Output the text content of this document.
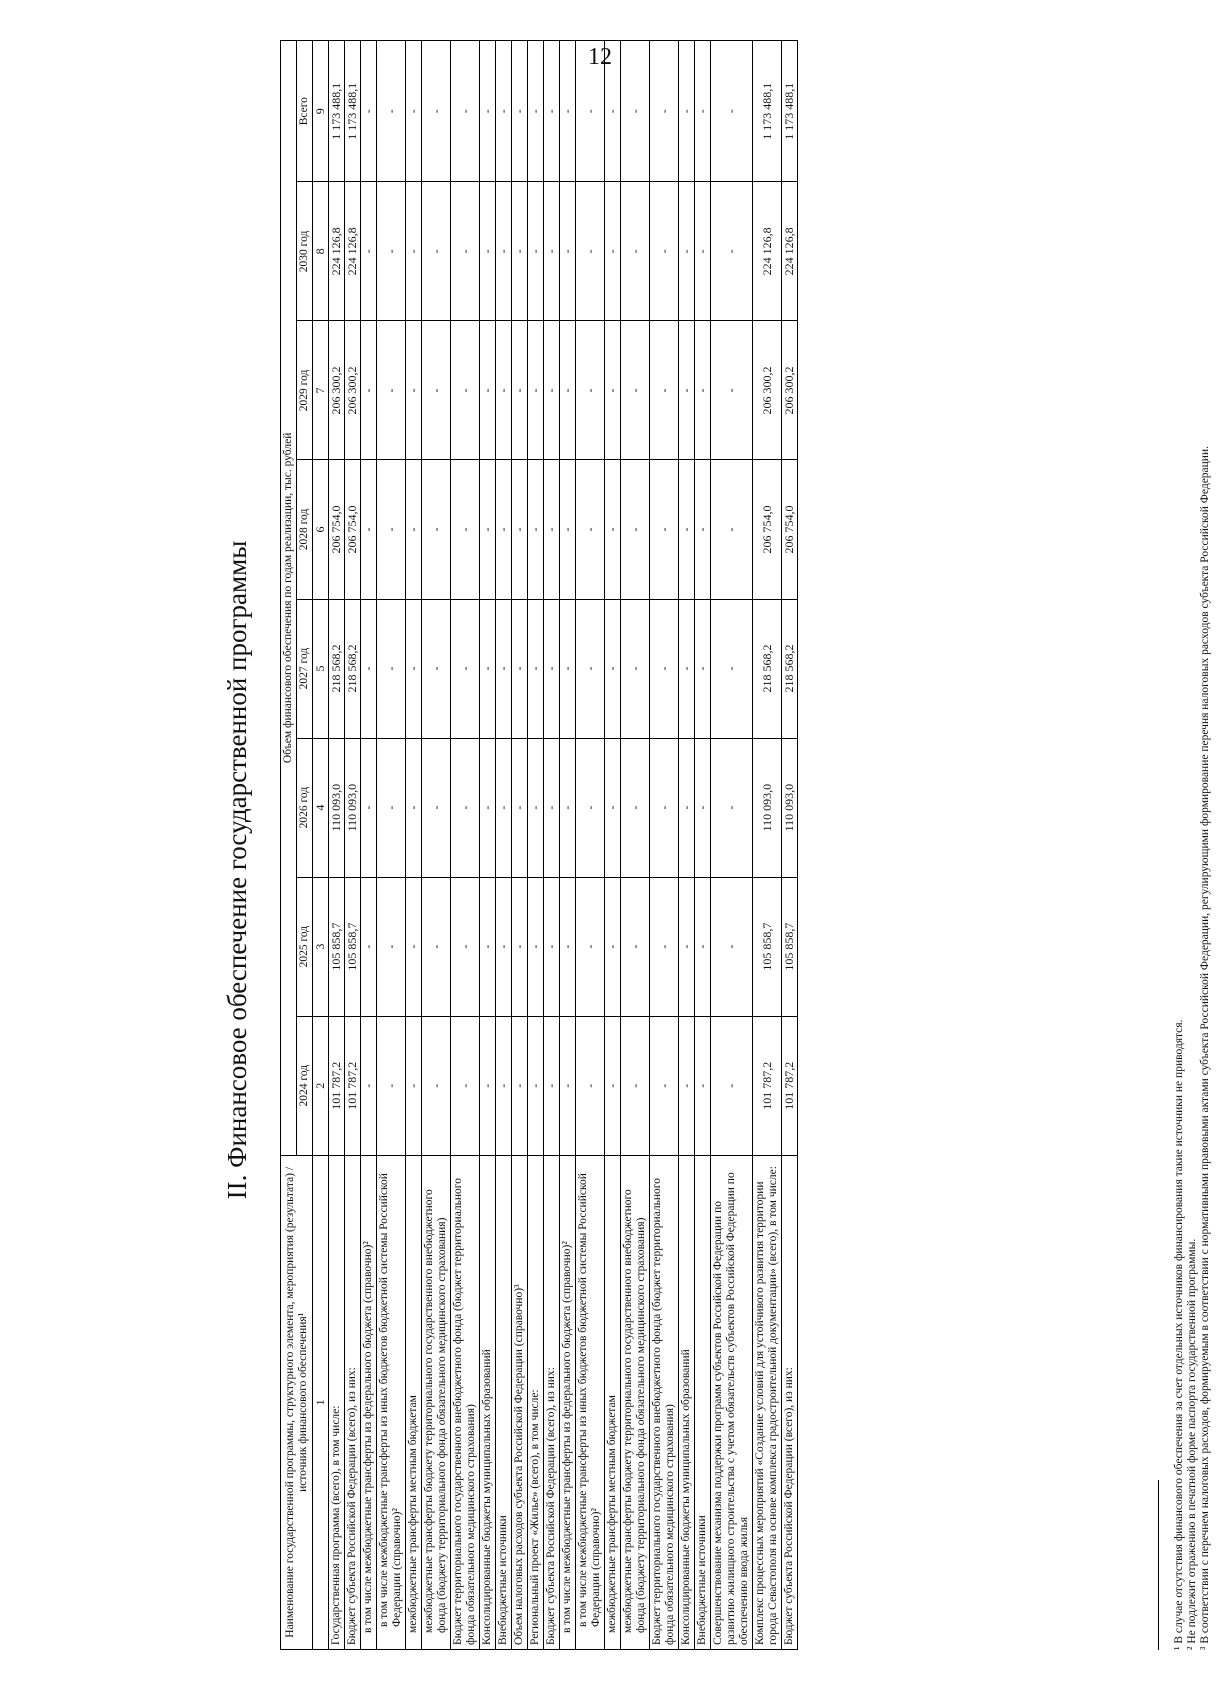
12
II. Финансовое обеспечение государственной программы
Наименование государственной программы, структурного элемента, мероприятия (результата) / источник финансового обеспечения¹	Объем финансового обеспечения по годам реализации, тыс. рублей							
	2024 год	2025 год	2026 год	2027 год	2028 год	2029 год	2030 год	Всего
1	2	3	4	5	6	7	8	9
Государственная программа (всего), в том числе:	101 787,2	105 858,7	110 093,0	218 568,2	206 754,0	206 300,2	224 126,8	1 173 488,1
Бюджет субъекта Российской Федерации (всего), из них:	101 787,2	105 858,7	110 093,0	218 568,2	206 754,0	206 300,2	224 126,8	1 173 488,1
в том числе межбюджетные трансферты из федерального бюджета (справочно)²	-	-	-	-	-	-	-	-
в том числе межбюджетные трансферты из иных бюджетов бюджетной системы Российской Федерации (справочно)²	-	-	-	-	-	-	-	-
межбюджетные трансферты местным бюджетам	-	-	-	-	-	-	-	-
межбюджетные трансферты бюджету территориального государственного внебюджетного фонда (бюджету территориального фонда обязательного медицинского страхования)	-	-	-	-	-	-	-	-
Бюджет территориального государственного внебюджетного фонда (бюджет территориального фонда обязательного медицинского страхования)	-	-	-	-	-	-	-	-
Консолидированные бюджеты муниципальных образований	-	-	-	-	-	-	-	-
Внебюджетные источники	-	-	-	-	-	-	-	-
Объем налоговых расходов субъекта Российской Федерации (справочно)³	-	-	-	-	-	-	-	-
Региональный проект «Жилье» (всего), в том числе:	-	-	-	-	-	-	-	-
Бюджет субъекта Российской Федерации (всего), из них:	-	-	-	-	-	-	-	-
в том числе межбюджетные трансферты из федерального бюджета (справочно)²	-	-	-	-	-	-	-	-
в том числе межбюджетные трансферты из иных бюджетов бюджетной системы Российской Федерации (справочно)²	-	-	-	-	-	-	-	-
межбюджетные трансферты местным бюджетам	-	-	-	-	-	-	-	-
межбюджетные трансферты бюджету территориального государственного внебюджетного фонда (бюджету территориального фонда обязательного медицинского страхования)	-	-	-	-	-	-	-	-
Бюджет территориального государственного внебюджетного фонда (бюджет территориального фонда обязательного медицинского страхования)	-	-	-	-	-	-	-	-
Консолидированные бюджеты муниципальных образований	-	-	-	-	-	-	-	-
Внебюджетные источники	-	-	-	-	-	-	-	-
Совершенствование механизма поддержки программ субъектов Российской Федерации по развитию жилищного строительства с учетом обязательств субъектов Российской Федерации по обеспечению ввода жилья	-	-	-	-	-	-	-	-
Комплекс процессных мероприятий «Создание условий для устойчивого развития территории города Севастополя на основе комплекса градостроительной документации» (всего), в том числе:	101 787,2	105 858,7	110 093,0	218 568,2	206 754,0	206 300,2	224 126,8	1 173 488,1
Бюджет субъекта Российской Федерации (всего), из них:	101 787,2	105 858,7	110 093,0	218 568,2	206 754,0	206 300,2	224 126,8	1 173 488,1
¹ В случае отсутствия финансового обеспечения за счет отдельных источников финансирования такие источники не приводятся. ² Не подлежит отражению в печатной форме паспорта государственной программы. ³ В соответствии с перечнем налоговых расходов, формируемым в соответствии с нормативными правовыми актами субъекта Российской Федерации, регулирующими формирование перечня налоговых расходов субъекта Российской Федерации.
